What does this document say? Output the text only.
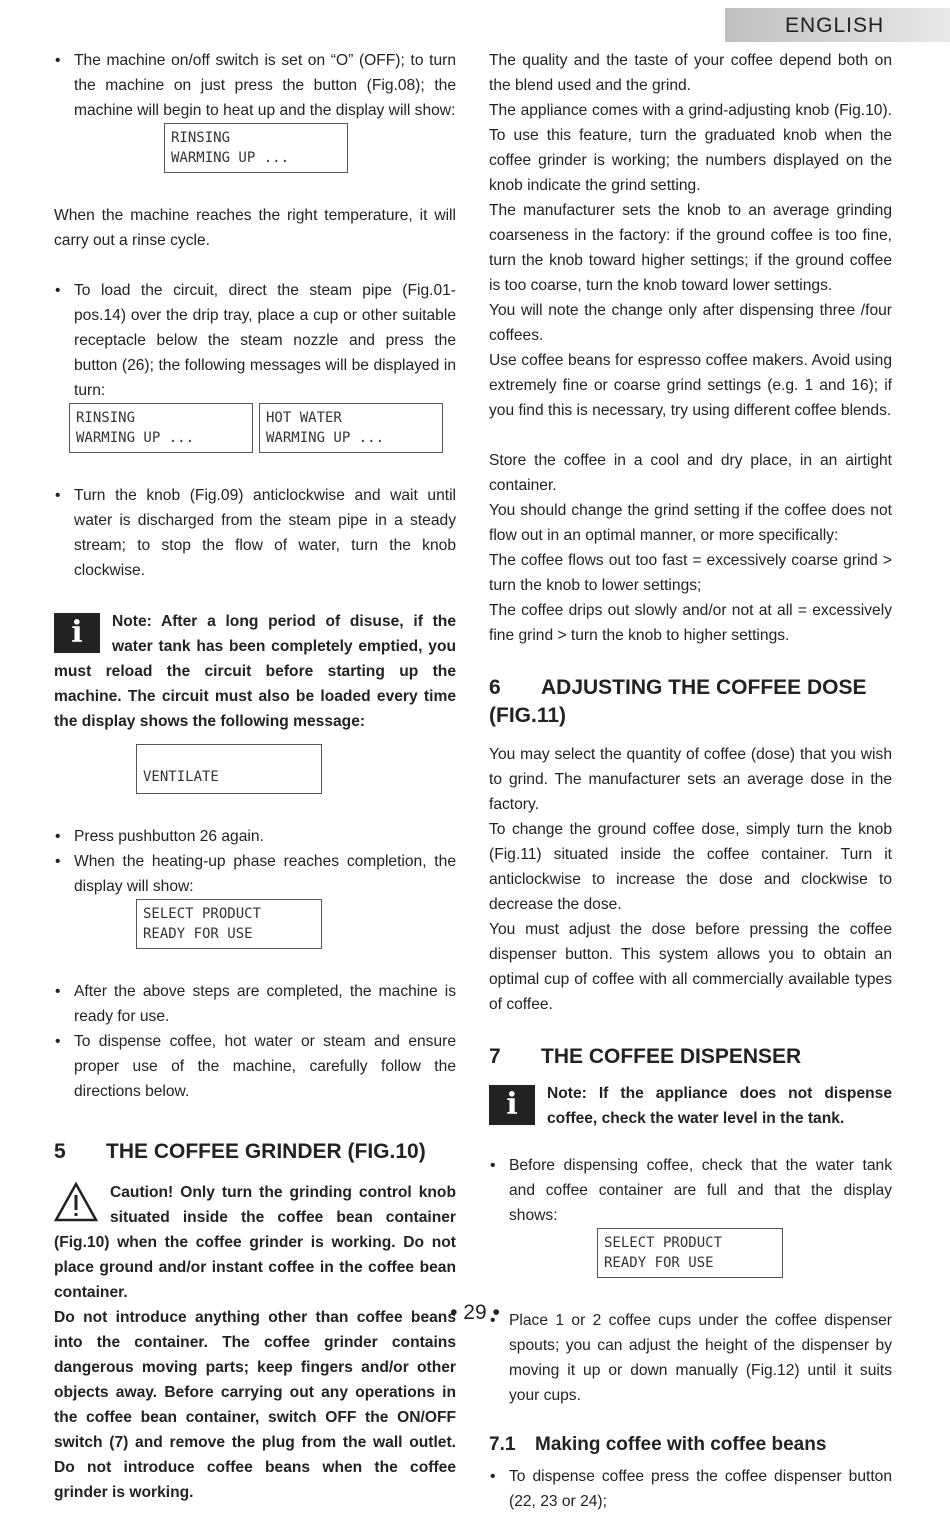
ENGLISH
• The machine on/off switch is set on “O” (OFF); to turn the machine on just press the button (Fig.08); the machine will begin to heat up and the display will show:
RINSING
WARMING UP ...

When the machine reaches the right temperature, it will carry out a rinse cycle.

• To load the circuit, direct the steam pipe (Fig.01-pos.14) over the drip tray, place a cup or other suitable receptacle below the steam nozzle and press the button (26); the following messages will be displayed in turn:
RINSING
WARMING UP ...
HOT WATER
WARMING UP ...
• Turn the knob (Fig.09) anticlockwise and wait until water is discharged from the steam pipe in a steady stream; to stop the flow of water, turn the knob clockwise.
i	Note: After a long period of disuse, if the water tank has been completely emptied, you must reload the circuit before starting up the machine. The circuit must also be loaded every time the display shows the following message:
VENTILATE
• Press pushbutton 26 again.
• When the heating-up phase reaches completion, the display will show:
SELECT PRODUCT
READY FOR USE
• After the above steps are completed, the machine is ready for use.
• To dispense coffee, hot water or steam and ensure proper use of the machine, carefully follow the directions below.
5 THE COFFEE GRINDER (FIG.10)
Caution! Only turn the grinding control knob situated inside the coffee bean container (Fig.10) when the coffee grinder is working. Do not place ground and/or instant coffee in the coffee bean container.

Do not introduce anything other than coffee beans into the container. The coffee grinder contains dangerous moving parts; keep fingers and/or other objects away. Before carrying out any operations in the coffee bean container, switch OFF the ON/OFF switch (7) and remove the plug from the wall outlet. Do not introduce coffee beans when the coffee grinder is working.

The quality and the taste of your coffee depend both on the blend used and the grind.

The appliance comes with a grind-adjusting knob (Fig.10). To use this feature, turn the graduated knob when the coffee grinder is working; the numbers displayed on the knob indicate the grind setting.

The manufacturer sets the knob to an average grinding coarseness in the factory: if the ground coffee is too fine, turn the knob toward higher settings; if the ground coffee is too coarse, turn the knob toward lower settings.

You will note the change only after dispensing three /four coffees.

Use coffee beans for espresso coffee makers. Avoid using extremely fine or coarse grind settings (e.g. 1 and 16); if you find this is necessary, try using different coffee blends.

Store the coffee in a cool and dry place, in an airtight container.

You should change the grind setting if the coffee does not flow out in an optimal manner, or more specifically:

The coffee flows out too fast = excessively coarse grind > turn the knob to lower settings;

The coffee drips out slowly and/or not at all = excessively fine grind > turn the knob to higher settings.

6 ADJUSTING THE COFFEE DOSE (FIG.11)

You may select the quantity of coffee (dose) that you wish to grind. The manufacturer sets an average dose in the factory.

To change the ground coffee dose, simply turn the knob (Fig.11) situated inside the coffee container. Turn it anticlockwise to increase the dose and clockwise to decrease the dose.

You must adjust the dose before pressing the coffee dispenser button. This system allows you to obtain an optimal cup of coffee with all commercially available types of coffee.

7 THE COFFEE DISPENSER
i	Note: If the appliance does not dispense coffee, check the water level in the tank.
• Before dispensing coffee, check that the water tank and coffee container are full and that the display shows:
SELECT PRODUCT
READY FOR USE
• Place 1 or 2 coffee cups under the coffee dispenser spouts; you can adjust the height of the dispenser by moving it up or down manually (Fig.12) until it suits your cups.
7.1 Making coffee with coffee beans
• To dispense coffee press the coffee dispenser button (22, 23 or 24);
• 29 •
